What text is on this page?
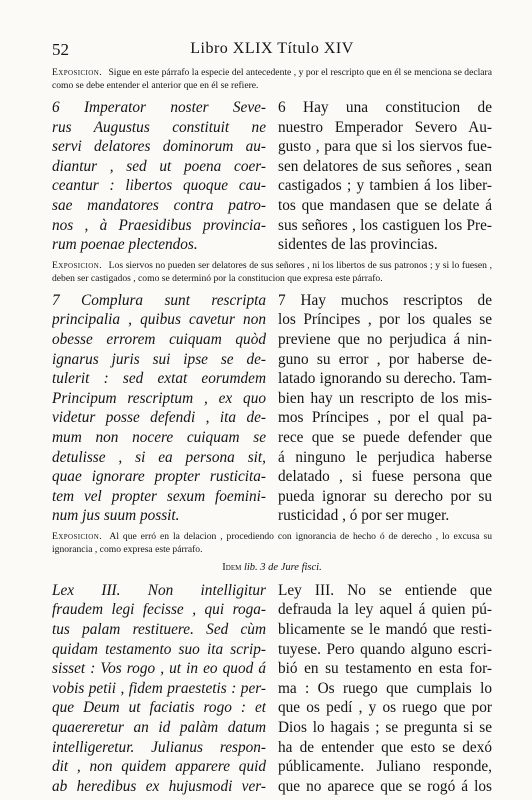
52	Libro XLIX Título XIV
Exposicion. Sigue en este párrafo la especie del antecedente , y por el rescripto que en él se menciona se declara como se debe entender el anterior que en él se refiere.
6 Imperator noster Seve-
rus Augustus constituit ne
servi delatores dominorum au-
diantur , sed ut poena coer-
ceantur : libertos quoque cau-
sae mandatores contra patro-
nos , à Praesidibus provincia-
rum poenae plectendos.
6 Hay una constitucion de
nuestro Emperador Severo Au-
gusto , para que si los siervos fue-
sen delatores de sus señores , sean
castigados ; y tambien á los liber-
tos que mandasen que se delate á
sus señores , los castiguen los Pre-
sidentes de las provincias.
Exposicion. Los siervos no pueden ser delatores de sus señores , ni los libertos de sus patronos ; y si lo fuesen , deben ser castigados , como se determinó por la constitucion que expresa este párrafo.
7 Complura sunt rescripta
principalia , quibus cavetur non
obesse errorem cuiquam quòd
ignarus juris sui ipse se de-
tulerit : sed extat eorumdem
Principum rescriptum , ex quo
videtur posse defendi , ita de-
mum non nocere cuiquam se
detulisse , si ea persona sit,
quae ignorare propter rusticita-
tem vel propter sexum foemini-
num jus suum possit.
7 Hay muchos rescriptos de
los Príncipes , por los quales se
previene que no perjudica á nin-
guno su error , por haberse de-
latado ignorando su derecho. Tam-
bien hay un rescripto de los mis-
mos Príncipes , por el qual pa-
rece que se puede defender que
á ninguno le perjudica haberse
delatado , si fuese persona que
pueda ignorar su derecho por su
rusticidad , ó por ser muger.
Exposicion. Al que erró en la delacion , procediendo con ignorancia de hecho ó de derecho , lo excusa su ignorancia , como expresa este párrafo.
Idem lib. 3 de Jure fisci.
Lex III. Non intelligitur
fraudem legi fecisse , qui roga-
tus palam restituere. Sed cùm
quidam testamento suo ita scrip-
sisset : Vos rogo , ut in eo quod á
vobis petii , fidem praestetis : per-
que Deum ut faciatis rogo : et
quaereretur an id palàm datum
intelligeretur. Julianus respon-
dit , non quidem apparere quid
ab heredibus ex hujusmodi ver-
Ley III. No se entiende que
defrauda la ley aquel á quien pú-
blicamente se le mandó que resti-
tuyese. Pero quando alguno escri-
bió en su testamento en esta for-
ma : Os ruego que cumplais lo
que os pedí , y os ruego que por
Dios lo hagais ; se pregunta si se
ha de entender que esto se dexó
públicamente. Juliano responde,
que no aparece que se rogó á los
